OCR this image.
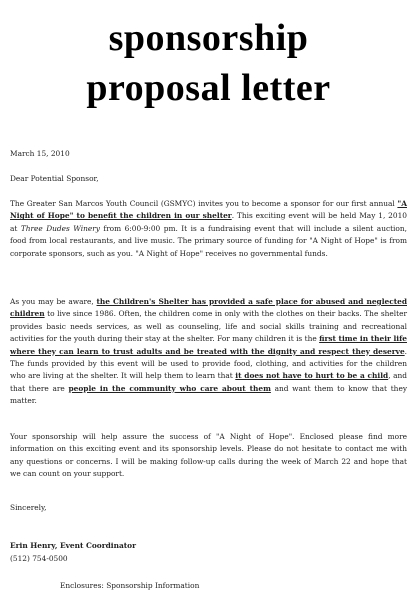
sponsorship
proposal letter
March 15, 2010
Dear Potential Sponsor,
The Greater San Marcos Youth Council (GSMYC) invites you to become a sponsor for our first annual "A Night of Hope" to benefit the children in our shelter. This exciting event will be held May 1, 2010 at Three Dudes Winery from 6:00-9:00 pm. It is a fundraising event that will include a silent auction, food from local restaurants, and live music. The primary source of funding for "A Night of Hope" is from corporate sponsors, such as you. "A Night of Hope" receives no governmental funds.
As you may be aware, the Children's Shelter has provided a safe place for abused and neglected children to live since 1986. Often, the children come in only with the clothes on their backs. The shelter provides basic needs services, as well as counseling, life and social skills training and recreational activities for the youth during their stay at the shelter. For many children it is the first time in their life where they can learn to trust adults and be treated with the dignity and respect they deserve. The funds provided by this event will be used to provide food, clothing, and activities for the children who are living at the shelter. It will help them to learn that it does not have to hurt to be a child, and that there are people in the community who care about them and want them to know that they matter.
Your sponsorship will help assure the success of "A Night of Hope". Enclosed please find more information on this exciting event and its sponsorship levels. Please do not hesitate to contact me with any questions or concerns. I will be making follow-up calls during the week of March 22 and hope that we can count on your support.
Sincerely,
Erin Henry, Event Coordinator
(512) 754-0500
Enclosures: Sponsorship Information
